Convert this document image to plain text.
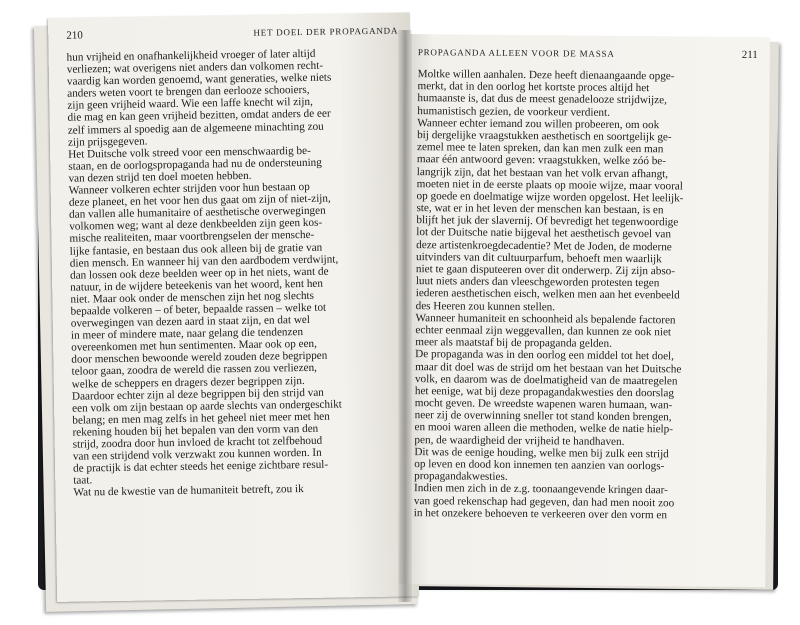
210	HET DOEL DER PROPAGANDA
hun vrijheid en onafhankelijkheid vroeger of later altijd
verliezen; wat overigens niet anders dan volkomen recht-
vaardig kan worden genoemd, want generaties, welke niets
anders weten voort te brengen dan eerlooze schooiers,
zijn geen vrijheid waard. Wie een laffe knecht wil zijn,
die mag en kan geen vrijheid bezitten, omdat anders de eer
zelf immers al spoedig aan de algemeene minachting zou
zijn prijsgegeven.
Het Duitsche volk streed voor een menschwaardig be-
staan, en de oorlogspropaganda had nu de ondersteuning
van dezen strijd ten doel moeten hebben.
Wanneer volkeren echter strijden voor hun bestaan op
deze planeet, en het voor hen dus gaat om zijn of niet-zijn,
dan vallen alle humanitaire of aesthetische overwegingen
volkomen weg; want al deze denkbeelden zijn geen kos-
mische realiteiten, maar voortbrengselen der mensche-
lijke fantasie, en bestaan dus ook alleen bij de gratie van
dien mensch. En wanneer hij van den aardbodem verdwijnt,
dan lossen ook deze beelden weer op in het niets, want de
natuur, in de wijdere beteekenis van het woord, kent hen
niet. Maar ook onder de menschen zijn het nog slechts
bepaalde volkeren – of beter, bepaalde rassen – welke tot
overwegingen van dezen aard in staat zijn, en dat wel
in meer of mindere mate, naar gelang die tendenzen
overeenkomen met hun sentimenten. Maar ook op een,
door menschen bewoonde wereld zouden deze begrippen
teloor gaan, zoodra de wereld die rassen zou verliezen,
welke de scheppers en dragers dezer begrippen zijn.
Daardoor echter zijn al deze begrippen bij den strijd van
een volk om zijn bestaan op aarde slechts van ondergeschikt
belang; en men mag zelfs in het geheel niet meer met hen
rekening houden bij het bepalen van den vorm van den
strijd, zoodra door hun invloed de kracht tot zelfbehoud
van een strijdend volk verzwakt zou kunnen worden. In
de practijk is dat echter steeds het eenige zichtbare resul-
taat.
Wat nu de kwestie van de humaniteit betreft, zou ik
PROPAGANDA ALLEEN VOOR DE MASSA	211
Moltke willen aanhalen. Deze heeft dienaangaande opge-
merkt, dat in den oorlog het kortste proces altijd het
humaanste is, dat dus de meest genadelooze strijdwijze,
humanistisch gezien, de voorkeur verdient.
Wanneer echter iemand zou willen probeeren, om ook
bij dergelijke vraagstukken aesthetisch en soortgelijk ge-
zemel mee te laten spreken, dan kan men zulk een man
maar één antwoord geven: vraagstukken, welke zóó be-
langrijk zijn, dat het bestaan van het volk ervan afhangt,
moeten niet in de eerste plaats op mooie wijze, maar vooral
op goede en doelmatige wijze worden opgelost. Het leelijk-
ste, wat er in het leven der menschen kan bestaan, is en
blijft het juk der slavernij. Of bevredigt het tegenwoordige
lot der Duitsche natie bijgeval het aesthetisch gevoel van
deze artistenkroegdecadentie? Met de Joden, de moderne
uitvinders van dit cultuurparfum, behoeft men waarlijk
niet te gaan disputeeren over dit onderwerp. Zij zijn abso-
luut niets anders dan vleeschgeworden protesten tegen
iederen aesthetischen eisch, welken men aan het evenbeeld
des Heeren zou kunnen stellen.
Wanneer humaniteit en schoonheid als bepalende factoren
echter eenmaal zijn weggevallen, dan kunnen ze ook niet
meer als maatstaf bij de propaganda gelden.
De propaganda was in den oorlog een middel tot het doel,
maar dit doel was de strijd om het bestaan van het Duitsche
volk, en daarom was de doelmatigheid van de maatregelen
het eenige, wat bij deze propagandakwesties den doorslag
mocht geven. De wreedste wapenen waren humaan, wan-
neer zij de overwinning sneller tot stand konden brengen,
en mooi waren alleen die methoden, welke de natie hielp-
pen, de waardigheid der vrijheid te handhaven.
Dit was de eenige houding, welke men bij zulk een strijd
op leven en dood kon innemen ten aanzien van oorlogs-
propagandakwesties.
Indien men zich in de z.g. toonaangevende kringen daar-
van goed rekenschap had gegeven, dan had men nooit zoo
in het onzekere behoeven te verkeeren over den vorm en
